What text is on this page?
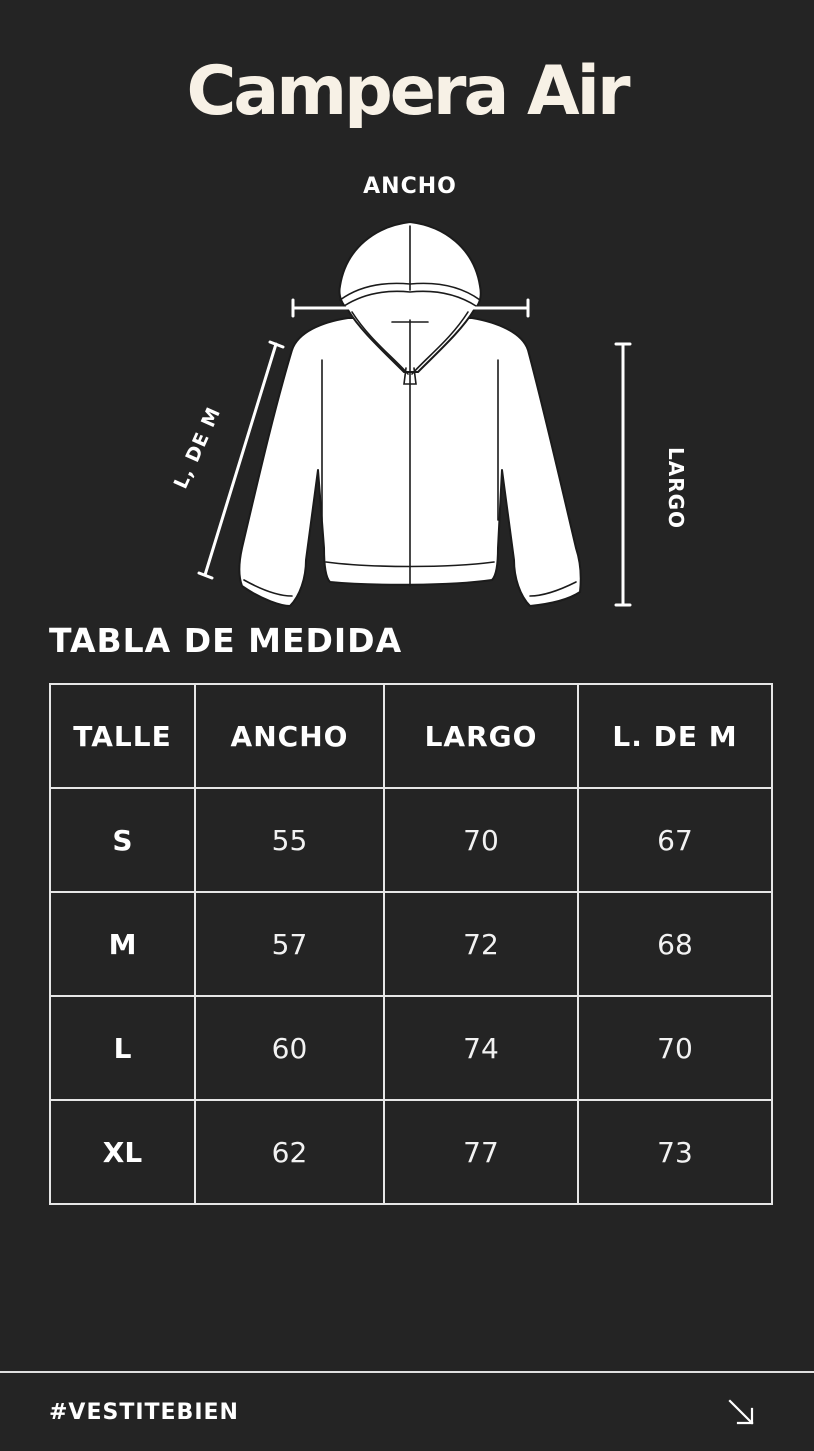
Campera Air
ANCHO
LARGO
L, DE M
TABLA DE MEDIDA
TALLE	ANCHO	LARGO	L. DE M
S	55	70	67
M	57	72	68
L	60	74	70
XL	62	77	73
#VESTITEBIEN
